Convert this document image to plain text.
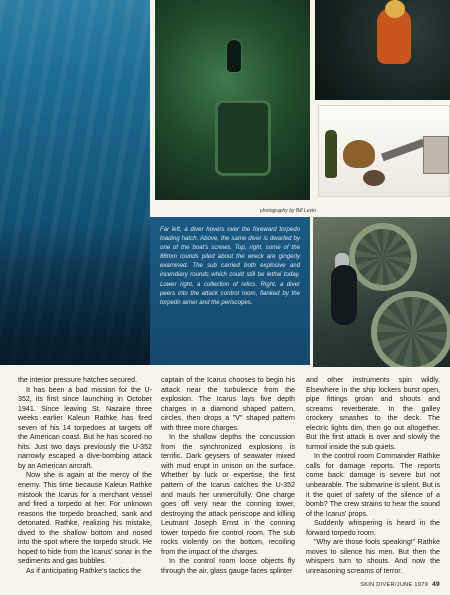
photography by Bill Levin
Far left, a diver hovers over the foreward torpedo loading hatch. Above, the same diver is dwarfed by one of the boat's screws. Top, right, some of the 88mm rounds piled about the wreck are gingerly examined. The sub carried both explosive and incendiary rounds which could still be lethal today. Lower right, a collection of relics. Right, a diver peers into the attack control room, flanked by the torpedo aimer and the periscopes.

the interior pressure hatches secured.

It has been a bad mission for the U-352, its first since launching in October 1941. Since leaving St. Nazaire three weeks earlier Kaleun Rathke has fired seven of his 14 torpedoes at targets off the American coast. But he has scored no hits. Just two days previously the U-352 narrowly escaped a dive-bombing attack by an American aircraft.

Now she is again at the mercy of the enemy. This time because Kaleun Rathke mistook the Icarus for a merchant vessel and fired a torpedo at her. For unknown reasons the torpedo broached, sank and detonated. Rathke, realizing his mistake, dived to the shallow bottom and nosed into the spot where the torpedo struck. He hoped to hide from the Icarus' sonar in the sediments and gas bubbles.

As if anticipating Rathke's tactics the

captain of the Icarus chooses to begin his attack near the turbulence from the explosion. The Icarus lays five depth charges in a diamond shaped pattern, circles, then drops a "V" shaped pattern with three more charges.

In the shallow depths the concussion from the synchronized explosions is terrific. Dark geysers of seawater mixed with mud erupt in unison on the surface. Whether by luck or expertise, the first pattern of the Icarus catches the U-352 and mauls her unmercifully. One charge goes off very near the conning tower, destroying the attack periscope and killing Leutnant Joseph Ernst in the conning tower torpedo fire control room. The sub rocks violently on the bottom, recoiling from the impact of the charges.

In the control room loose objects fly through the air, glass gauge faces splinter

and other instruments spin wildly. Elsewhere in the ship lockers burst open, pipe fittings groan and shouts and screams reverberate. In the galley crockery smashes to the deck. The electric lights dim, then go out altogether. But the first attack is over and slowly the turmoil inside the sub quiets.

In the control room Commander Rathke calls for damage reports. The reports come back: damage is severe but not unbearable. The submarine is silent. But is it the quiet of safety of the silence of a bomb? The crew strains to hear the sound of the Icarus' props.

Suddenly whispering is heard in the forward torpedo room.

"Why are those fools speaking!" Rathke moves to silence his men. But then the whispers turn to shouts. And now the unreasoning screams of terror.

SKIN DIVER/JUNE 1979 49
